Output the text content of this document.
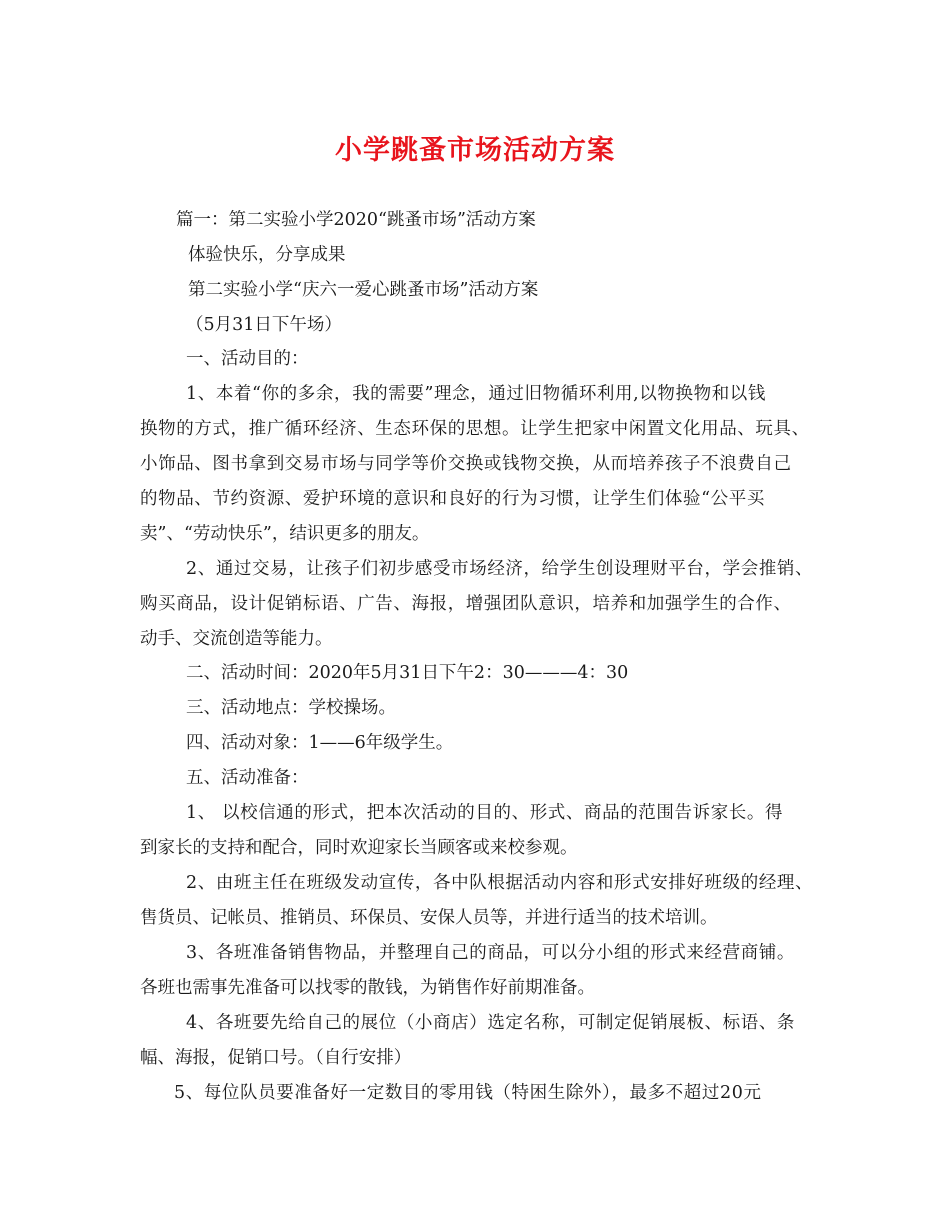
小学跳蚤市场活动方案
篇一：第二实验小学2020“跳蚤市场”活动方案
体验快乐，分享成果
第二实验小学“庆六一爱心跳蚤市场”活动方案
（5月31日下午场）
一、活动目的：
1、本着“你的多余，我的需要”理念，通过旧物循环利用,以物换物和以钱
换物的方式，推广循环经济、生态环保的思想。让学生把家中闲置文化用品、玩具、
小饰品、图书拿到交易市场与同学等价交换或钱物交换，从而培养孩子不浪费自己
的物品、节约资源、爱护环境的意识和良好的行为习惯，让学生们体验“公平买
卖”、“劳动快乐”，结识更多的朋友。
2、通过交易，让孩子们初步感受市场经济，给学生创设理财平台，学会推销、
购买商品，设计促销标语、广告、海报，增强团队意识，培养和加强学生的合作、
动手、交流创造等能力。
二、活动时间：2020年5月31日下午2：30———4：30
三、活动地点：学校操场。
四、活动对象：1——6年级学生。
五、活动准备：
1、 以校信通的形式，把本次活动的目的、形式、商品的范围告诉家长。得
到家长的支持和配合，同时欢迎家长当顾客或来校参观。
2、由班主任在班级发动宣传，各中队根据活动内容和形式安排好班级的经理、
售货员、记帐员、推销员、环保员、安保人员等，并进行适当的技术培训。
3、各班准备销售物品，并整理自己的商品，可以分小组的形式来经营商铺。
各班也需事先准备可以找零的散钱，为销售作好前期准备。
4、各班要先给自己的展位（小商店）选定名称，可制定促销展板、标语、条
幅、海报，促销口号。（自行安排）
5、每位队员要准备好一定数目的零用钱（特困生除外），最多不超过20元
